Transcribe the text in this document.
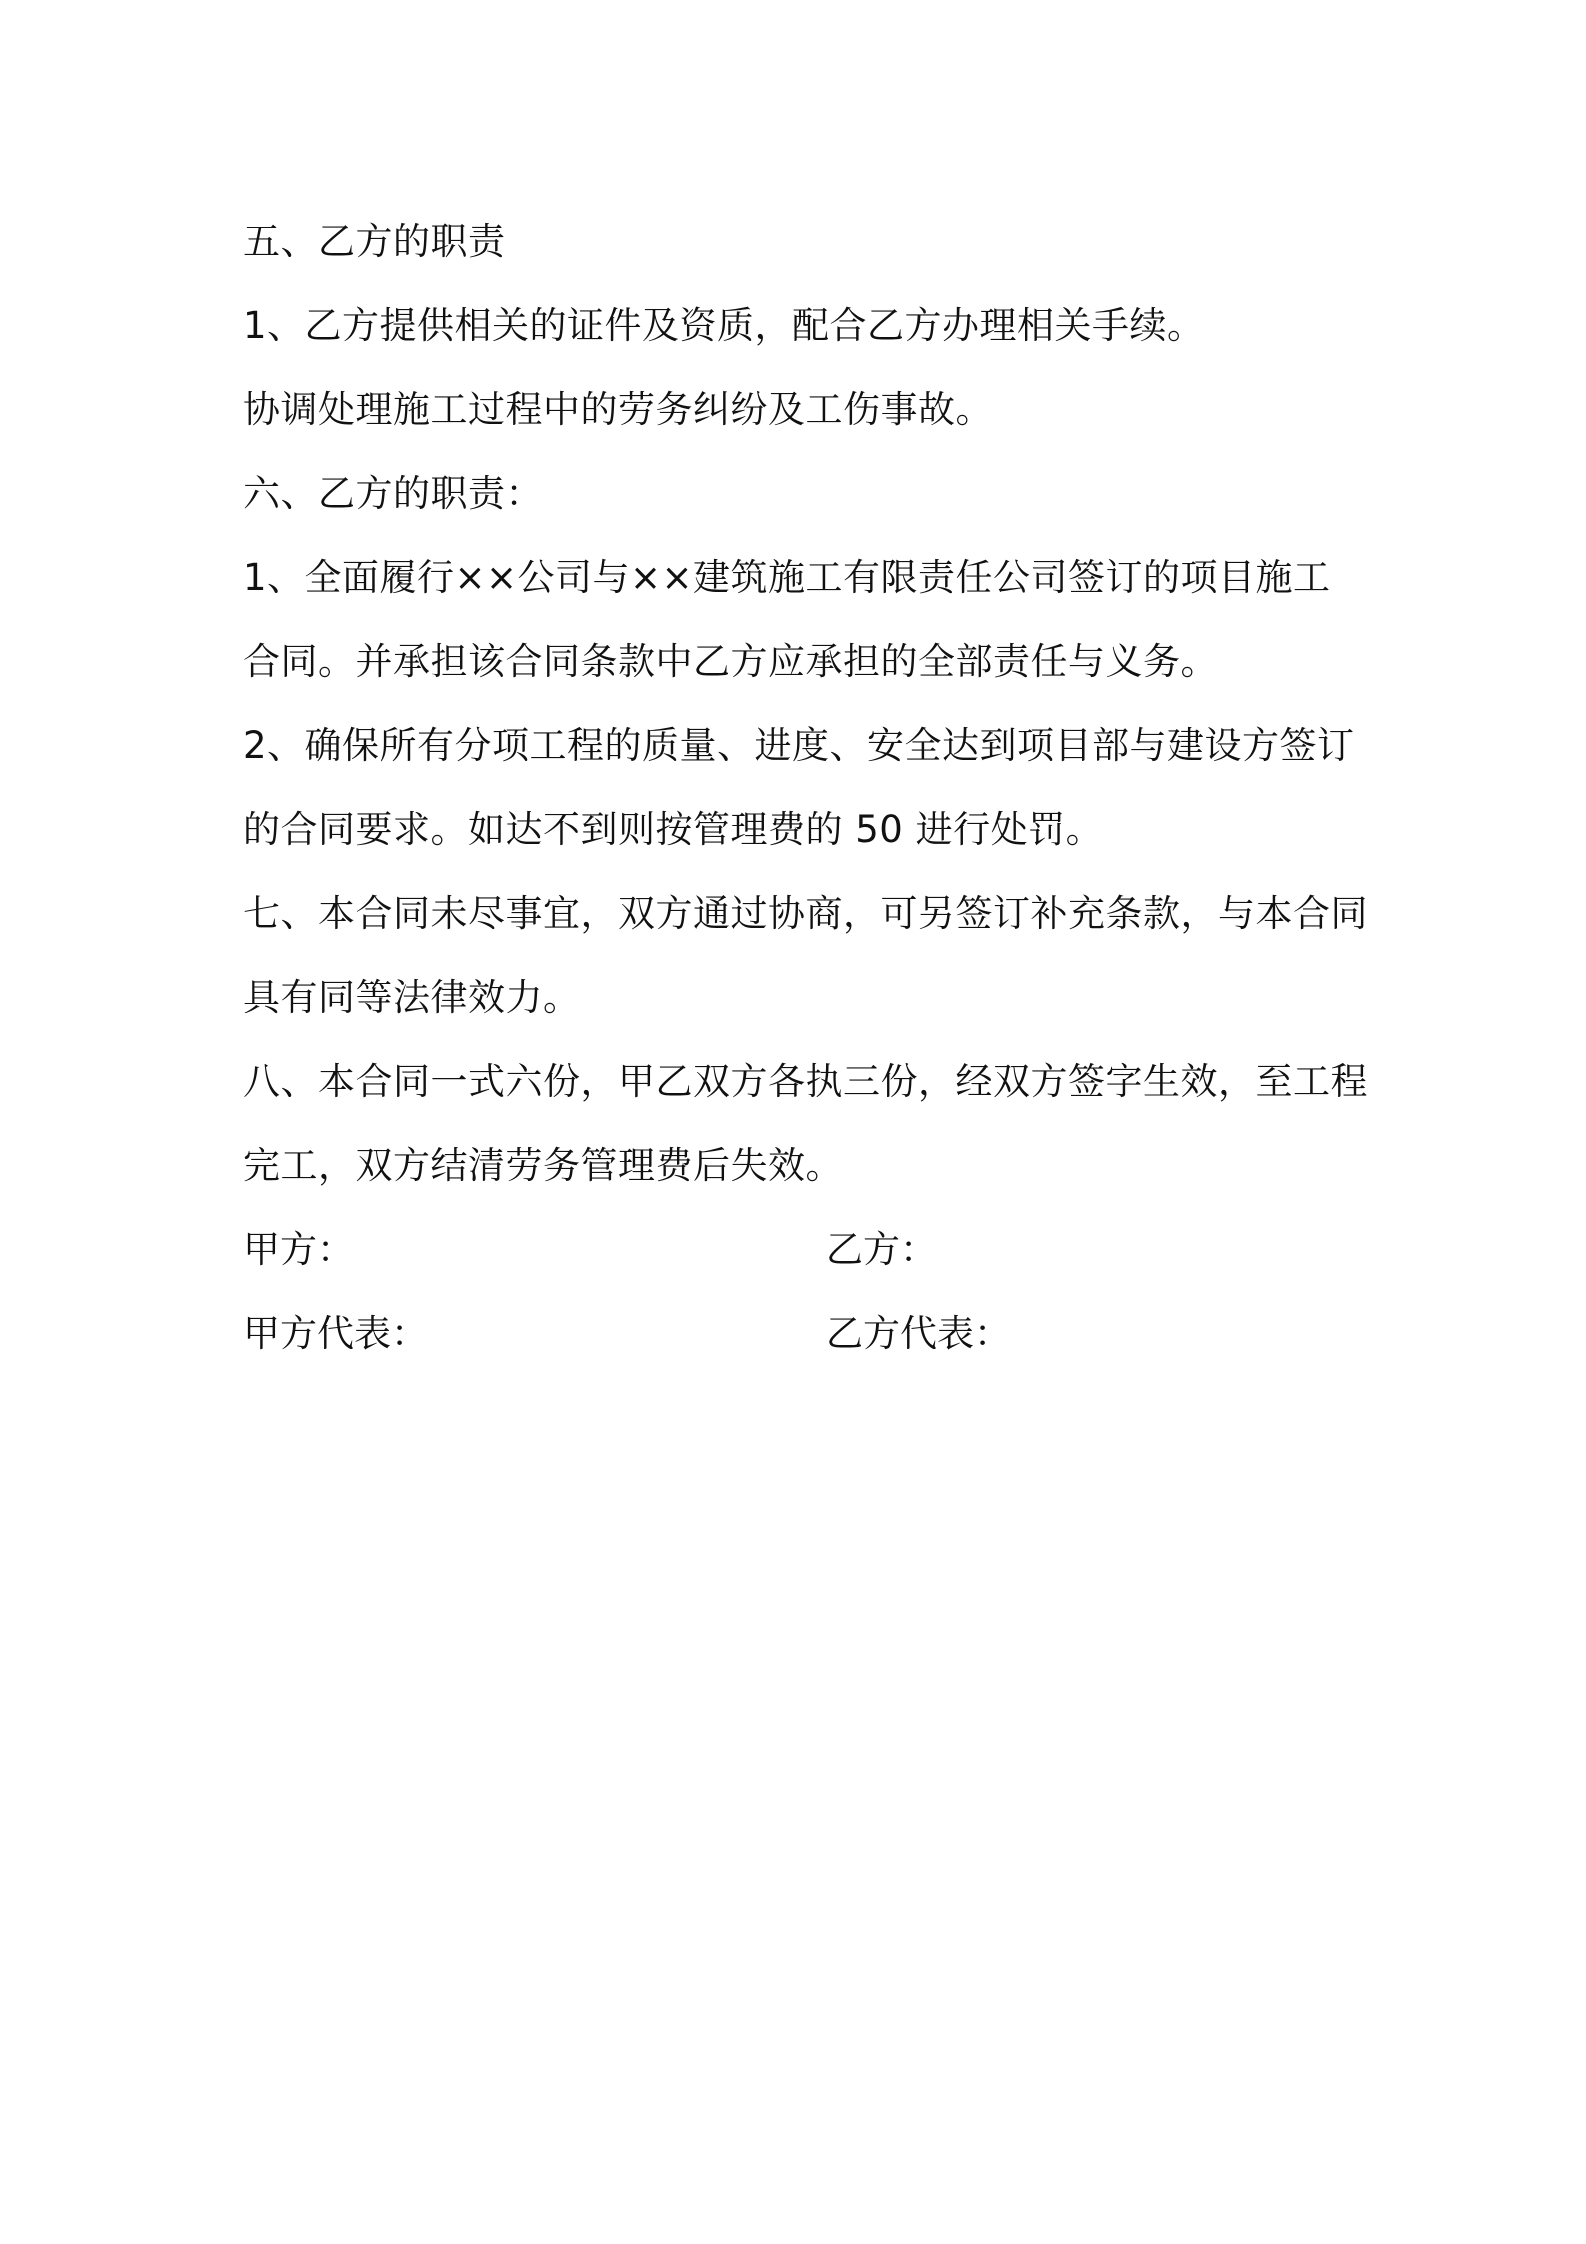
五、乙方的职责
1、乙方提供相关的证件及资质，配合乙方办理相关手续。
协调处理施工过程中的劳务纠纷及工伤事故。
六、乙方的职责：
1、全面履行××公司与××建筑施工有限责任公司签订的项目施工
合同。并承担该合同条款中乙方应承担的全部责任与义务。
2、确保所有分项工程的质量、进度、安全达到项目部与建设方签订
的合同要求。如达不到则按管理费的 50 进行处罚。
七、本合同未尽事宜，双方通过协商，可另签订补充条款，与本合同
具有同等法律效力。
八、本合同一式六份，甲乙双方各执三份，经双方签字生效，至工程
完工，双方结清劳务管理费后失效。
甲方：	乙方：
甲方代表：	乙方代表：
